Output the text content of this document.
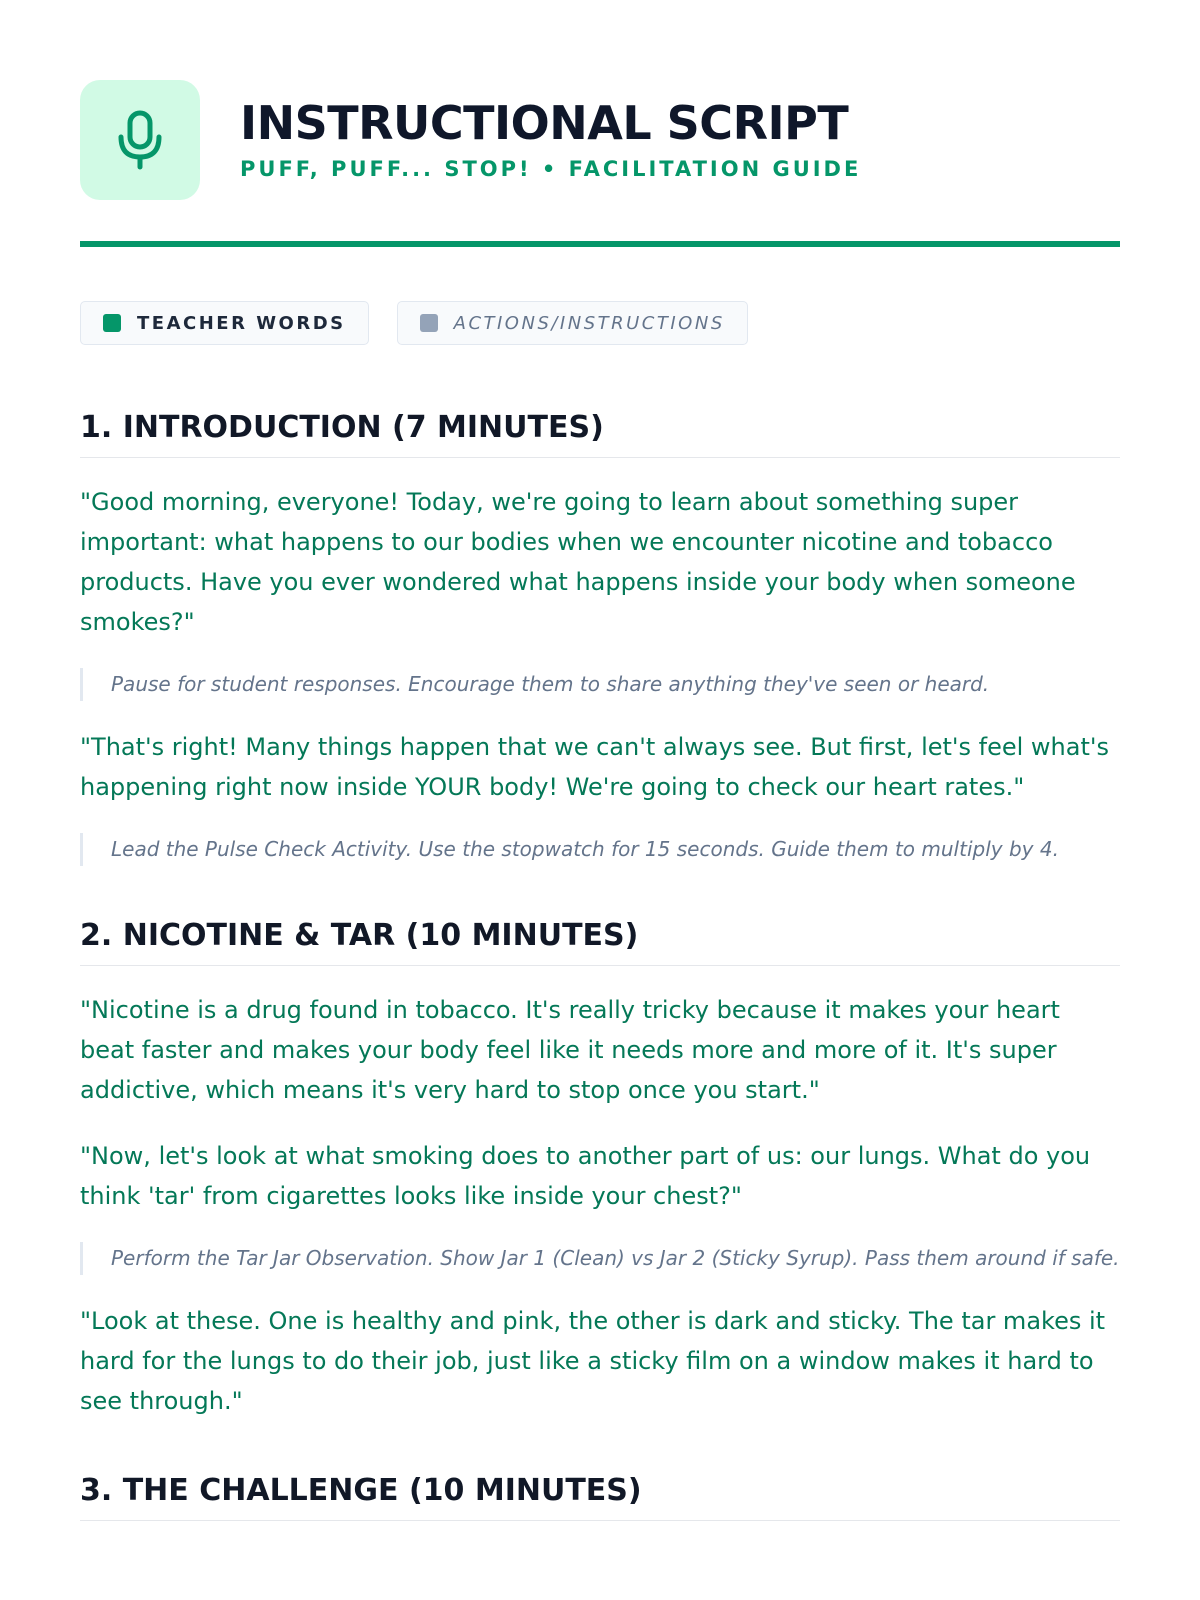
INSTRUCTIONAL SCRIPT
PUFF, PUFF... STOP! • FACILITATION GUIDE
TEACHER WORDS	ACTIONS/INSTRUCTIONS
1. INTRODUCTION (7 MINUTES)

"Good morning, everyone! Today, we're going to learn about something super important: what happens to our bodies when we encounter nicotine and tobacco products. Have you ever wondered what happens inside your body when someone smokes?"

Pause for student responses. Encourage them to share anything they've seen or heard.

"That's right! Many things happen that we can't always see. But first, let's feel what's happening right now inside YOUR body! We're going to check our heart rates."

Lead the Pulse Check Activity. Use the stopwatch for 15 seconds. Guide them to multiply by 4.

2. NICOTINE & TAR (10 MINUTES)

"Nicotine is a drug found in tobacco. It's really tricky because it makes your heart beat faster and makes your body feel like it needs more and more of it. It's super addictive, which means it's very hard to stop once you start."

"Now, let's look at what smoking does to another part of us: our lungs. What do you think 'tar' from cigarettes looks like inside your chest?"

Perform the Tar Jar Observation. Show Jar 1 (Clean) vs Jar 2 (Sticky Syrup). Pass them around if safe.

"Look at these. One is healthy and pink, the other is dark and sticky. The tar makes it hard for the lungs to do their job, just like a sticky film on a window makes it hard to see through."

3. THE CHALLENGE (10 MINUTES)
